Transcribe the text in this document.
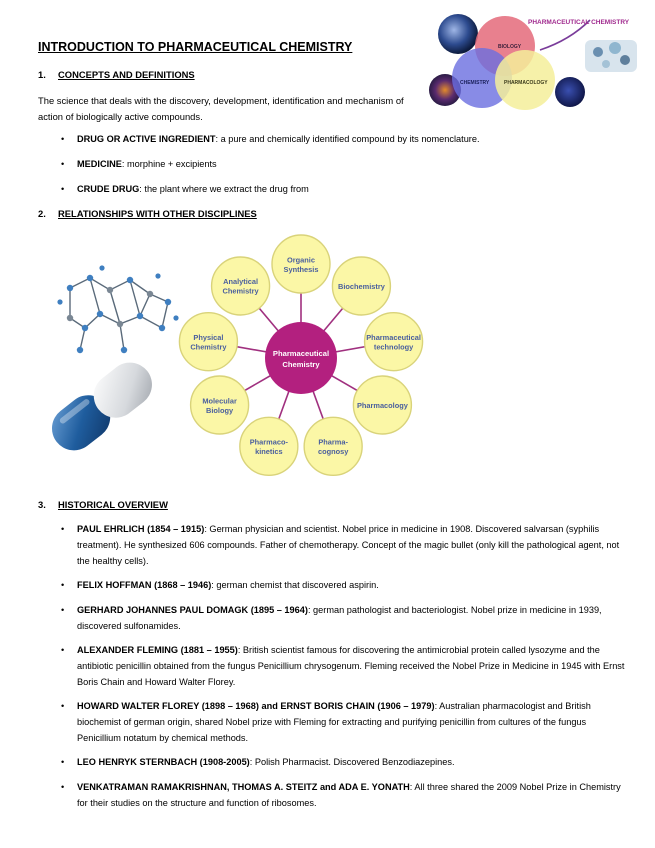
INTRODUCTION TO PHARMACEUTICAL CHEMISTRY
PHARMACEUTICAL CHEMISTRY
BIOLOGY
CHEMISTRY	PHARMACOLOGY
1. CONCEPTS AND DEFINITIONS
The science that deals with the discovery, development, identification and mechanism of action of biologically active compounds.
• DRUG OR ACTIVE INGREDIENT: a pure and chemically identified compound by its nomenclature.
• MEDICINE: morphine + excipients
• CRUDE DRUG: the plant where we extract the drug from
2. RELATIONSHIPS WITH OTHER DISCIPLINES
Organic
Synthesis
Biochemistry
Pharmaceutical
technology
Pharmacology
Pharma-
cognosy
Pharmaco-
kinetics
Molecular
Biology
Physical
Chemistry
Analytical
Chemistry
Pharmaceutical
Chemistry
3. HISTORICAL OVERVIEW
• PAUL EHRLICH (1854 – 1915): German physician and scientist. Nobel price in medicine in 1908. Discovered salvarsan (syphilis treatment). He synthesized 606 compounds. Father of chemotherapy. Concept of the magic bullet (only kill the pathological agent, not the healthy cells).
• FELIX HOFFMAN (1868 – 1946): german chemist that discovered aspirin.
• GERHARD JOHANNES PAUL DOMAGK (1895 – 1964): german pathologist and bacteriologist. Nobel prize in medicine in 1939, discovered sulfonamides.
• ALEXANDER FLEMING (1881 – 1955): British scientist famous for discovering the antimicrobial protein called lysozyme and the antibiotic penicillin obtained from the fungus Penicillium chrysogenum. Fleming received the Nobel Prize in Medicine in 1945 with Ernst Boris Chain and Howard Walter Florey.
• HOWARD WALTER FLOREY (1898 – 1968) and ERNST BORIS CHAIN (1906 – 1979): Australian pharmacologist and British biochemist of german origin, shared Nobel prize with Fleming for extracting and purifying penicillin from cultures of the fungus Penicillium notatum by chemical methods.
• LEO HENRYK STERNBACH (1908-2005): Polish Pharmacist. Discovered Benzodiazepines.
• VENKATRAMAN RAMAKRISHNAN, THOMAS A. STEITZ and ADA E. YONATH: All three shared the 2009 Nobel Prize in Chemistry for their studies on the structure and function of ribosomes.
